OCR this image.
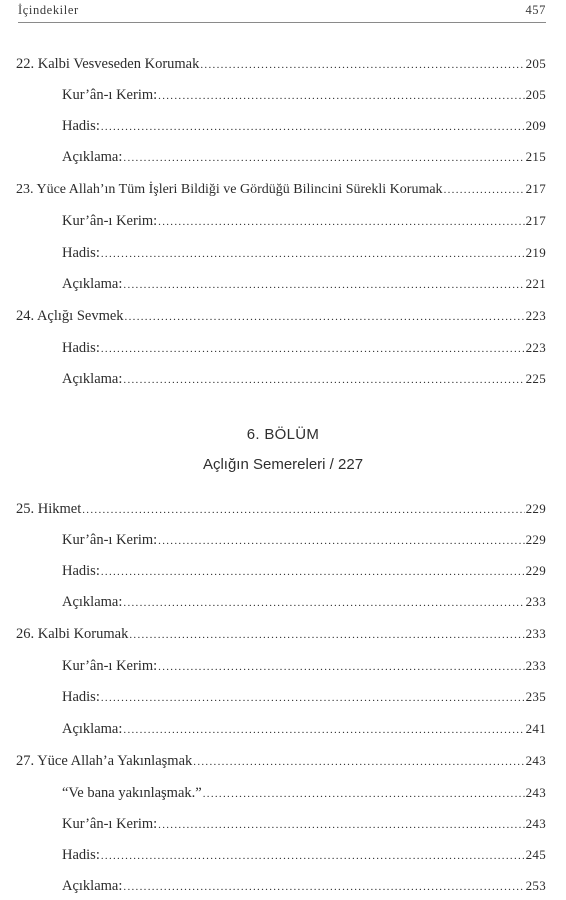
İçindekiler	457
22. Kalbi Vesveseden Korumak .....	205
Kur’ân-ı Kerim: .....	205
Hadis: .....	209
Açıklama: .....	215
23. Yüce Allah’ın Tüm İşleri Bildiği ve Gördüğü Bilincini Sürekli Korumak .....	217
Kur’ân-ı Kerim: .....	217
Hadis: .....	219
Açıklama: .....	221
24. Açlığı Sevmek .....	223
Hadis: .....	223
Açıklama: .....	225
6. BÖLÜM
Açlığın Semereleri / 227
25. Hikmet .....	229
Kur’ân-ı Kerim: .....	229
Hadis: .....	229
Açıklama: .....	233
26. Kalbi Korumak .....	233
Kur’ân-ı Kerim: .....	233
Hadis: .....	235
Açıklama: .....	241
27. Yüce Allah’a Yakınlaşmak .....	243
“Ve bana yakınlaşmak.” .....	243
Kur’ân-ı Kerim: .....	243
Hadis: .....	245
Açıklama: .....	253
